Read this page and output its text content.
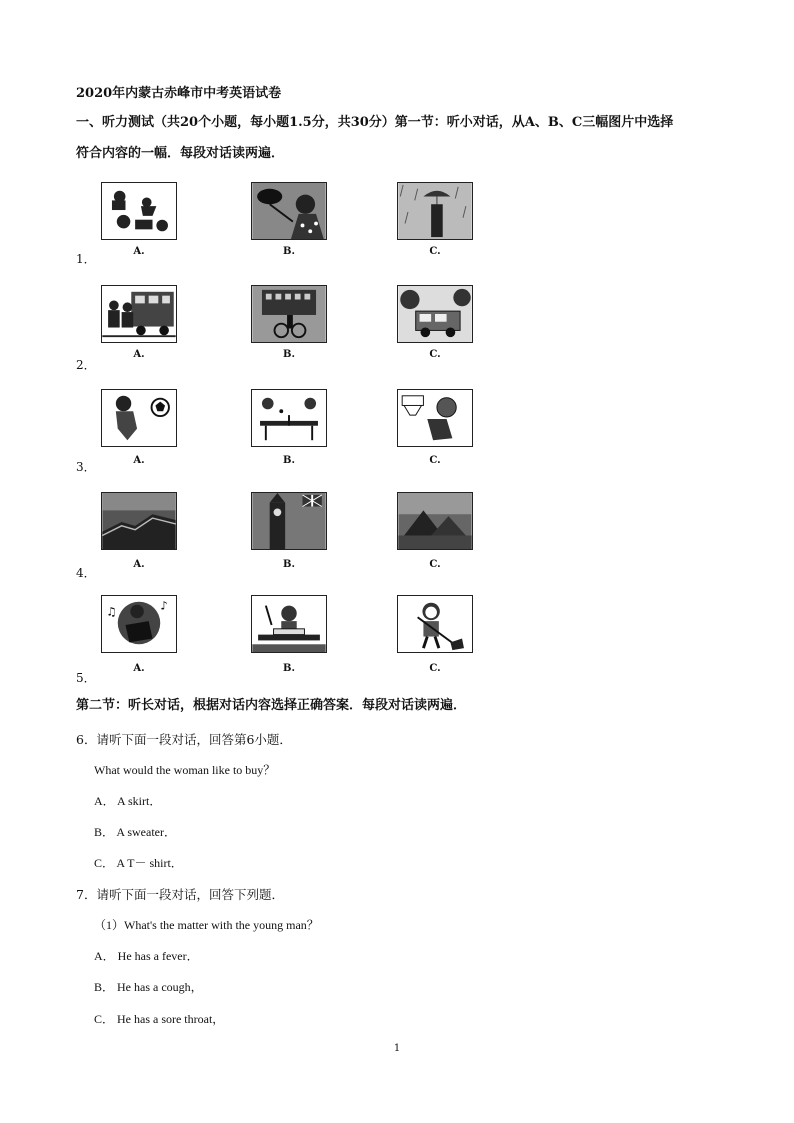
2020年内蒙古赤峰市中考英语试卷
一、听力测试（共20个小题，每小题1.5分，共30分）第一节：听小对话，从A、B、C三幅图片中选择
符合内容的一幅．每段对话读两遍．
A.	B.	C.
1．
A.	B.	C.
2．
A.	B.	C.
3．
A.	B.	C.
4．
♪
♫
A.	B.	C.
5．
第二节：听长对话，根据对话内容选择正确答案．每段对话读两遍．
6．请听下面一段对话，回答第6小题．
What would the woman like to buy？
A． A skirt．
B． A sweater．
C． A T－ shirt．
7．请听下面一段对话，回答下列题．
（1）What's the matter with the young man？
A． He has a fever．
B． He has a cough，
C． He has a sore throat，
1
